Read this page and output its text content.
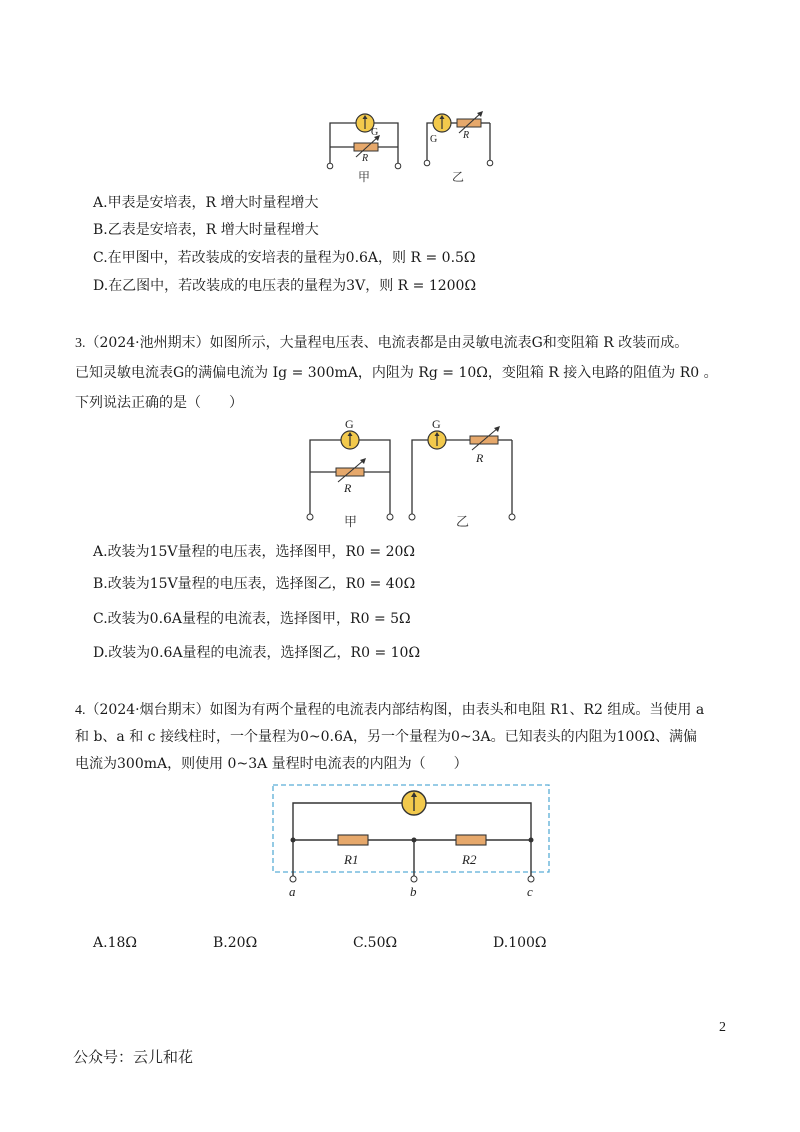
G
R
G	R
甲	乙
A.甲表是安培表，R 增大时量程增大
B.乙表是安培表，R 增大时量程增大
C.在甲图中，若改装成的安培表的量程为0.6A，则 R = 0.5Ω
D.在乙图中，若改装成的电压表的量程为3V，则 R = 1200Ω
3.（2024·池州期末）如图所示，大量程电压表、电流表都是由灵敏电流表G和变阻箱 R 改装而成。
已知灵敏电流表G的满偏电流为 Ig = 300mA，内阻为 Rg = 10Ω，变阻箱 R 接入电路的阻值为 R0 。
下列说法正确的是（　　）
G
R
G
R
甲	乙
A.改装为15V量程的电压表，选择图甲，R0 = 20Ω
B.改装为15V量程的电压表，选择图乙，R0 = 40Ω
C.改装为0.6A量程的电流表，选择图甲，R0 = 5Ω
D.改装为0.6A量程的电流表，选择图乙，R0 = 10Ω
4.（2024·烟台期末）如图为有两个量程的电流表内部结构图，由表头和电阻 R1、R2 组成。当使用 a
和 b、a 和 c 接线柱时，一个量程为0~0.6A，另一个量程为0~3A。已知表头的内阻为100Ω、满偏
电流为300mA，则使用 0~3A 量程时电流表的内阻为（　　）
R1	R2
a	b	c
A.18Ω	B.20Ω	C.50Ω	D.100Ω
2
公众号：云儿和花
